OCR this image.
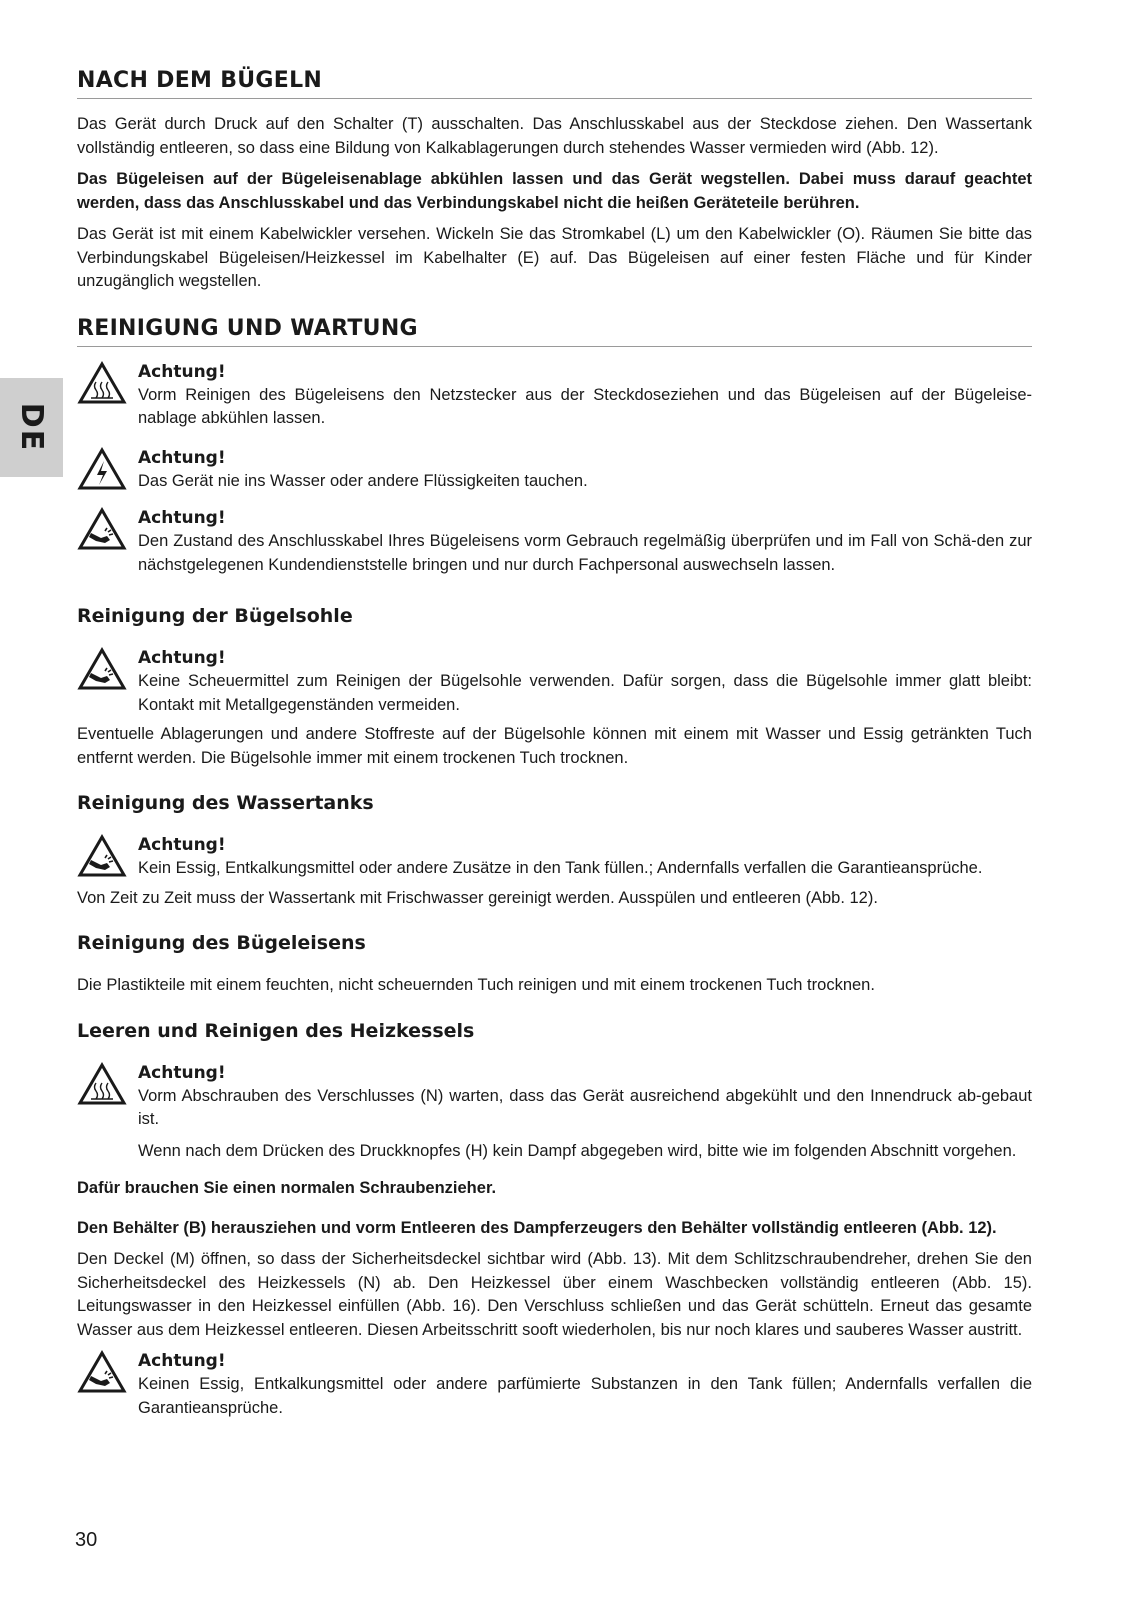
DE
NACH DEM BÜGELN

Das Gerät durch Druck auf den Schalter (T) ausschalten. Das Anschlusskabel aus der Steckdose ziehen. Den Wassertank vollständig entleeren, so dass eine Bildung von Kalkablagerungen durch stehendes Wasser vermieden wird (Abb. 12).

Das Bügeleisen auf der Bügeleisenablage abkühlen lassen und das Gerät wegstellen. Dabei muss darauf geachtet werden, dass das Anschlusskabel und das Verbindungskabel nicht die heißen Geräteteile berühren.

Das Gerät ist mit einem Kabelwickler versehen. Wickeln Sie das Stromkabel (L) um den Kabelwickler (O). Räumen Sie bitte das Verbindungskabel Bügeleisen/Heizkessel im Kabelhalter (E) auf. Das Bügeleisen auf einer festen Fläche und für Kinder unzugänglich wegstellen.

REINIGUNG UND WARTUNG
Achtung!

Vorm Reinigen des Bügeleisens den Netzstecker aus der Steckdoseziehen und das Bügeleisen auf der Bügeleise-nablage abkühlen lassen.

Achtung!

Das Gerät nie ins Wasser oder andere Flüssigkeiten tauchen.

Achtung!

Den Zustand des Anschlusskabel Ihres Bügeleisens vorm Gebrauch regelmäßig überprüfen und im Fall von Schä-den zur nächstgelegenen Kundendienststelle bringen und nur durch Fachpersonal auswechseln lassen.

Reinigung der Bügelsohle
Achtung!

Keine Scheuermittel zum Reinigen der Bügelsohle verwenden. Dafür sorgen, dass die Bügelsohle immer glatt bleibt: Kontakt mit Metallgegenständen vermeiden.

Eventuelle Ablagerungen und andere Stoffreste auf der Bügelsohle können mit einem mit Wasser und Essig getränkten Tuch entfernt werden. Die Bügelsohle immer mit einem trockenen Tuch trocknen.

Reinigung des Wassertanks
Achtung!

Kein Essig, Entkalkungsmittel oder andere Zusätze in den Tank füllen.; Andernfalls verfallen die Garantieansprüche.

Von Zeit zu Zeit muss der Wassertank mit Frischwasser gereinigt werden. Ausspülen und entleeren (Abb. 12).

Reinigung des Bügeleisens

Die Plastikteile mit einem feuchten, nicht scheuernden Tuch reinigen und mit einem trockenen Tuch trocknen.

Leeren und Reinigen des Heizkessels
Achtung!

Vorm Abschrauben des Verschlusses (N) warten, dass das Gerät ausreichend abgekühlt und den Innendruck ab-gebaut ist.

Wenn nach dem Drücken des Druckknopfes (H) kein Dampf abgegeben wird, bitte wie im folgenden Abschnitt vorgehen.

Dafür brauchen Sie einen normalen Schraubenzieher.

Den Behälter (B) herausziehen und vorm Entleeren des Dampferzeugers den Behälter vollständig entleeren (Abb. 12).

Den Deckel (M) öffnen, so dass der Sicherheitsdeckel sichtbar wird (Abb. 13). Mit dem Schlitzschraubendreher, drehen Sie den Sicherheitsdeckel des Heizkessels (N) ab. Den Heizkessel über einem Waschbecken vollständig entleeren (Abb. 15). Leitungswasser in den Heizkessel einfüllen (Abb. 16). Den Verschluss schließen und das Gerät schütteln. Erneut das gesamte Wasser aus dem Heizkessel entleeren. Diesen Arbeitsschritt sooft wiederholen, bis nur noch klares und sauberes Wasser austritt.

Achtung!

Keinen Essig, Entkalkungsmittel oder andere parfümierte Substanzen in den Tank füllen; Andernfalls verfallen die Garantieansprüche.

30
